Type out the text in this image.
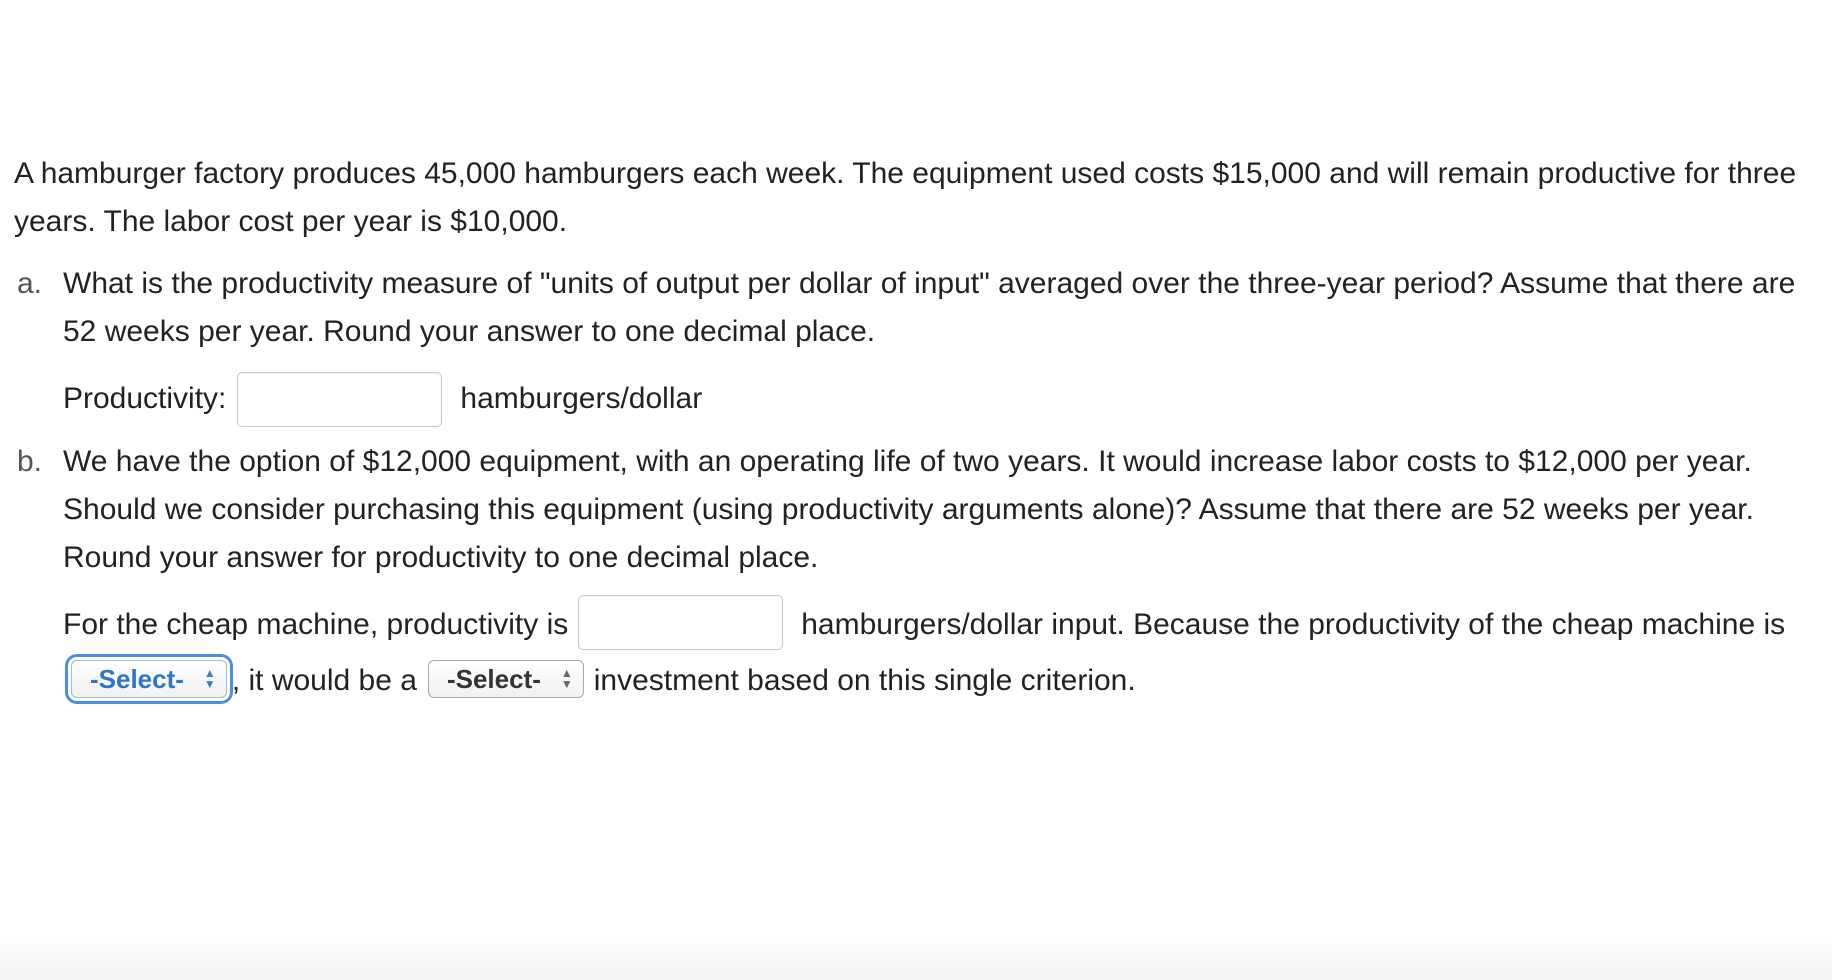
A hamburger factory produces 45,000 hamburgers each week. The equipment used costs $15,000 and will remain productive for three years. The labor cost per year is $10,000.

a. What is the productivity measure of "units of output per dollar of input" averaged over the three-year period? Assume that there are 52 weeks per year. Round your answer to one decimal place.

Productivity:	hamburgers/dollar
b. We have the option of $12,000 equipment, with an operating life of two years. It would increase labor costs to $12,000 per year. Should we consider purchasing this equipment (using productivity arguments alone)? Assume that there are 52 weeks per year. Round your answer for productivity to one decimal place.

For the cheap machine, productivity is	hamburgers/dollar input. Because the productivity of the cheap machine is
-Select- ▲
▼ , it would be a -Select- ▲
▼ investment based on this single criterion.
